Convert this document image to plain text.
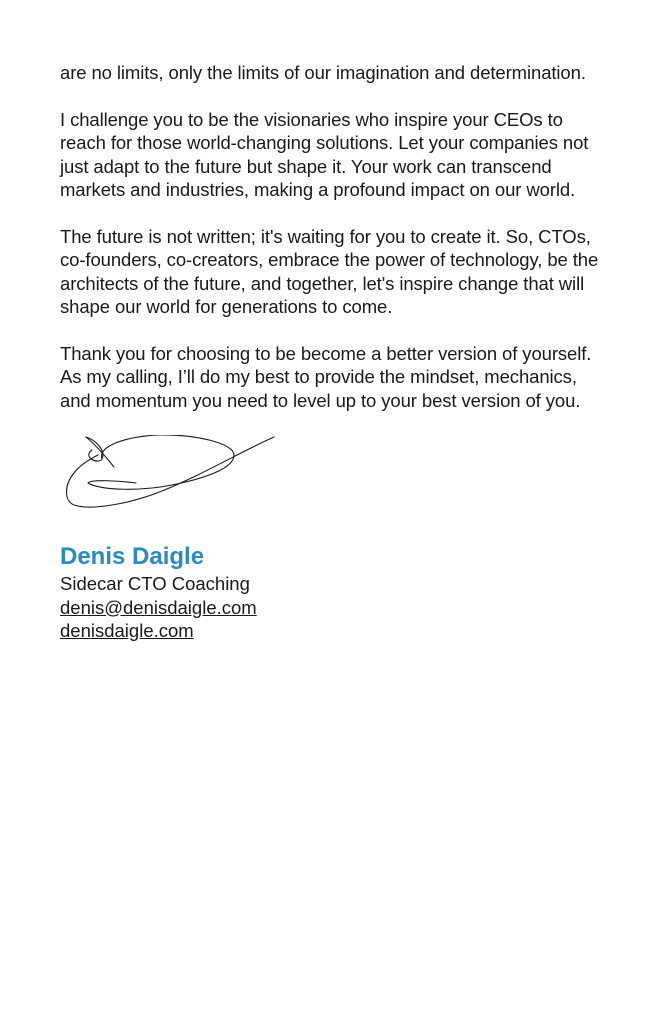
are no limits, only the limits of our imagination and determination.

I challenge you to be the visionaries who inspire your CEOs to reach for those world-changing solutions. Let your companies not just adapt to the future but shape it. Your work can transcend markets and industries, making a profound impact on our world.

The future is not written; it's waiting for you to create it. So, CTOs, co-founders, co-creators, embrace the power of technology, be the architects of the future, and together, let's inspire change that will shape our world for generations to come.

Thank you for choosing to be become a better version of yourself. As my calling, I’ll do my best to provide the mindset, mechanics, and momentum you need to level up to your best version of you.

Denis Daigle

Sidecar CTO Coaching

denis@denisdaigle.com

denisdaigle.com
